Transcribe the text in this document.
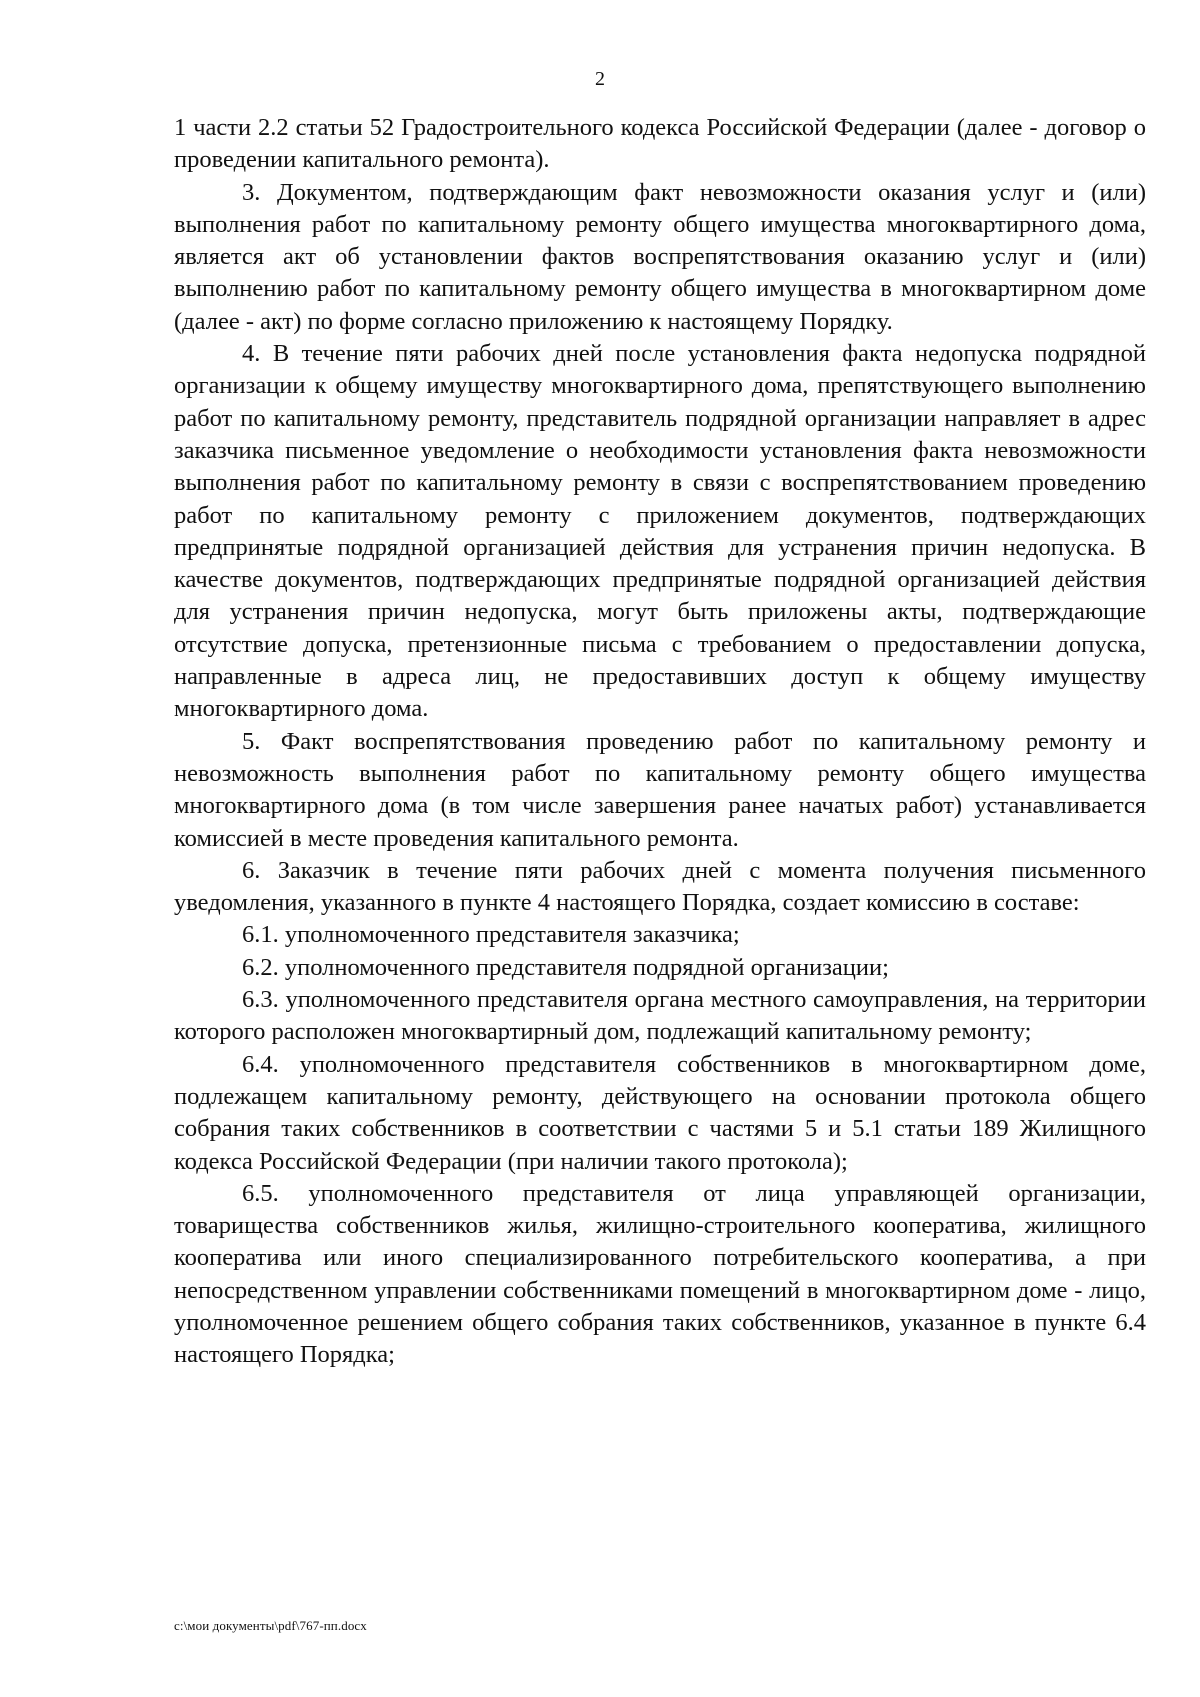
2

1 части 2.2 статьи 52 Градостроительного кодекса Российской Федерации (далее - договор о проведении капитального ремонта).

3. Документом, подтверждающим факт невозможности оказания услуг и (или) выполнения работ по капитальному ремонту общего имущества многоквартирного дома, является акт об установлении фактов воспрепятствования оказанию услуг и (или) выполнению работ по капитальному ремонту общего имущества в многоквартирном доме (далее - акт) по форме согласно приложению к настоящему Порядку.

4. В течение пяти рабочих дней после установления факта недопуска подрядной организации к общему имуществу многоквартирного дома, препятствующего выполнению работ по капитальному ремонту, представитель подрядной организации направляет в адрес заказчика письменное уведомление о необходимости установления факта невозможности выполнения работ по капитальному ремонту в связи с воспрепятствованием проведению работ по капитальному ремонту с приложением документов, подтверждающих предпринятые подрядной организацией действия для устранения причин недопуска. В качестве документов, подтверждающих предпринятые подрядной организацией действия для устранения причин недопуска, могут быть приложены акты, подтверждающие отсутствие допуска, претензионные письма с требованием о предоставлении допуска, направленные в адреса лиц, не предоставивших доступ к общему имуществу многоквартирного дома.

5. Факт воспрепятствования проведению работ по капитальному ремонту и невозможность выполнения работ по капитальному ремонту общего имущества многоквартирного дома (в том числе завершения ранее начатых работ) устанавливается комиссией в месте проведения капитального ремонта.

6. Заказчик в течение пяти рабочих дней с момента получения письменного уведомления, указанного в пункте 4 настоящего Порядка, создает комиссию в составе:

6.1. уполномоченного представителя заказчика;

6.2. уполномоченного представителя подрядной организации;

6.3. уполномоченного представителя органа местного самоуправления, на территории которого расположен многоквартирный дом, подлежащий капитальному ремонту;

6.4. уполномоченного представителя собственников в многоквартирном доме, подлежащем капитальному ремонту, действующего на основании протокола общего собрания таких собственников в соответствии с частями 5 и 5.1 статьи 189 Жилищного кодекса Российской Федерации (при наличии такого протокола);

6.5. уполномоченного представителя от лица управляющей организации, товарищества собственников жилья, жилищно-строительного кооператива, жилищного кооператива или иного специализированного потребительского кооператива, а при непосредственном управлении собственниками помещений в многоквартирном доме - лицо, уполномоченное решением общего собрания таких собственников, указанное в пункте 6.4 настоящего Порядка;

c:\мои документы\pdf\767-пп.docx
